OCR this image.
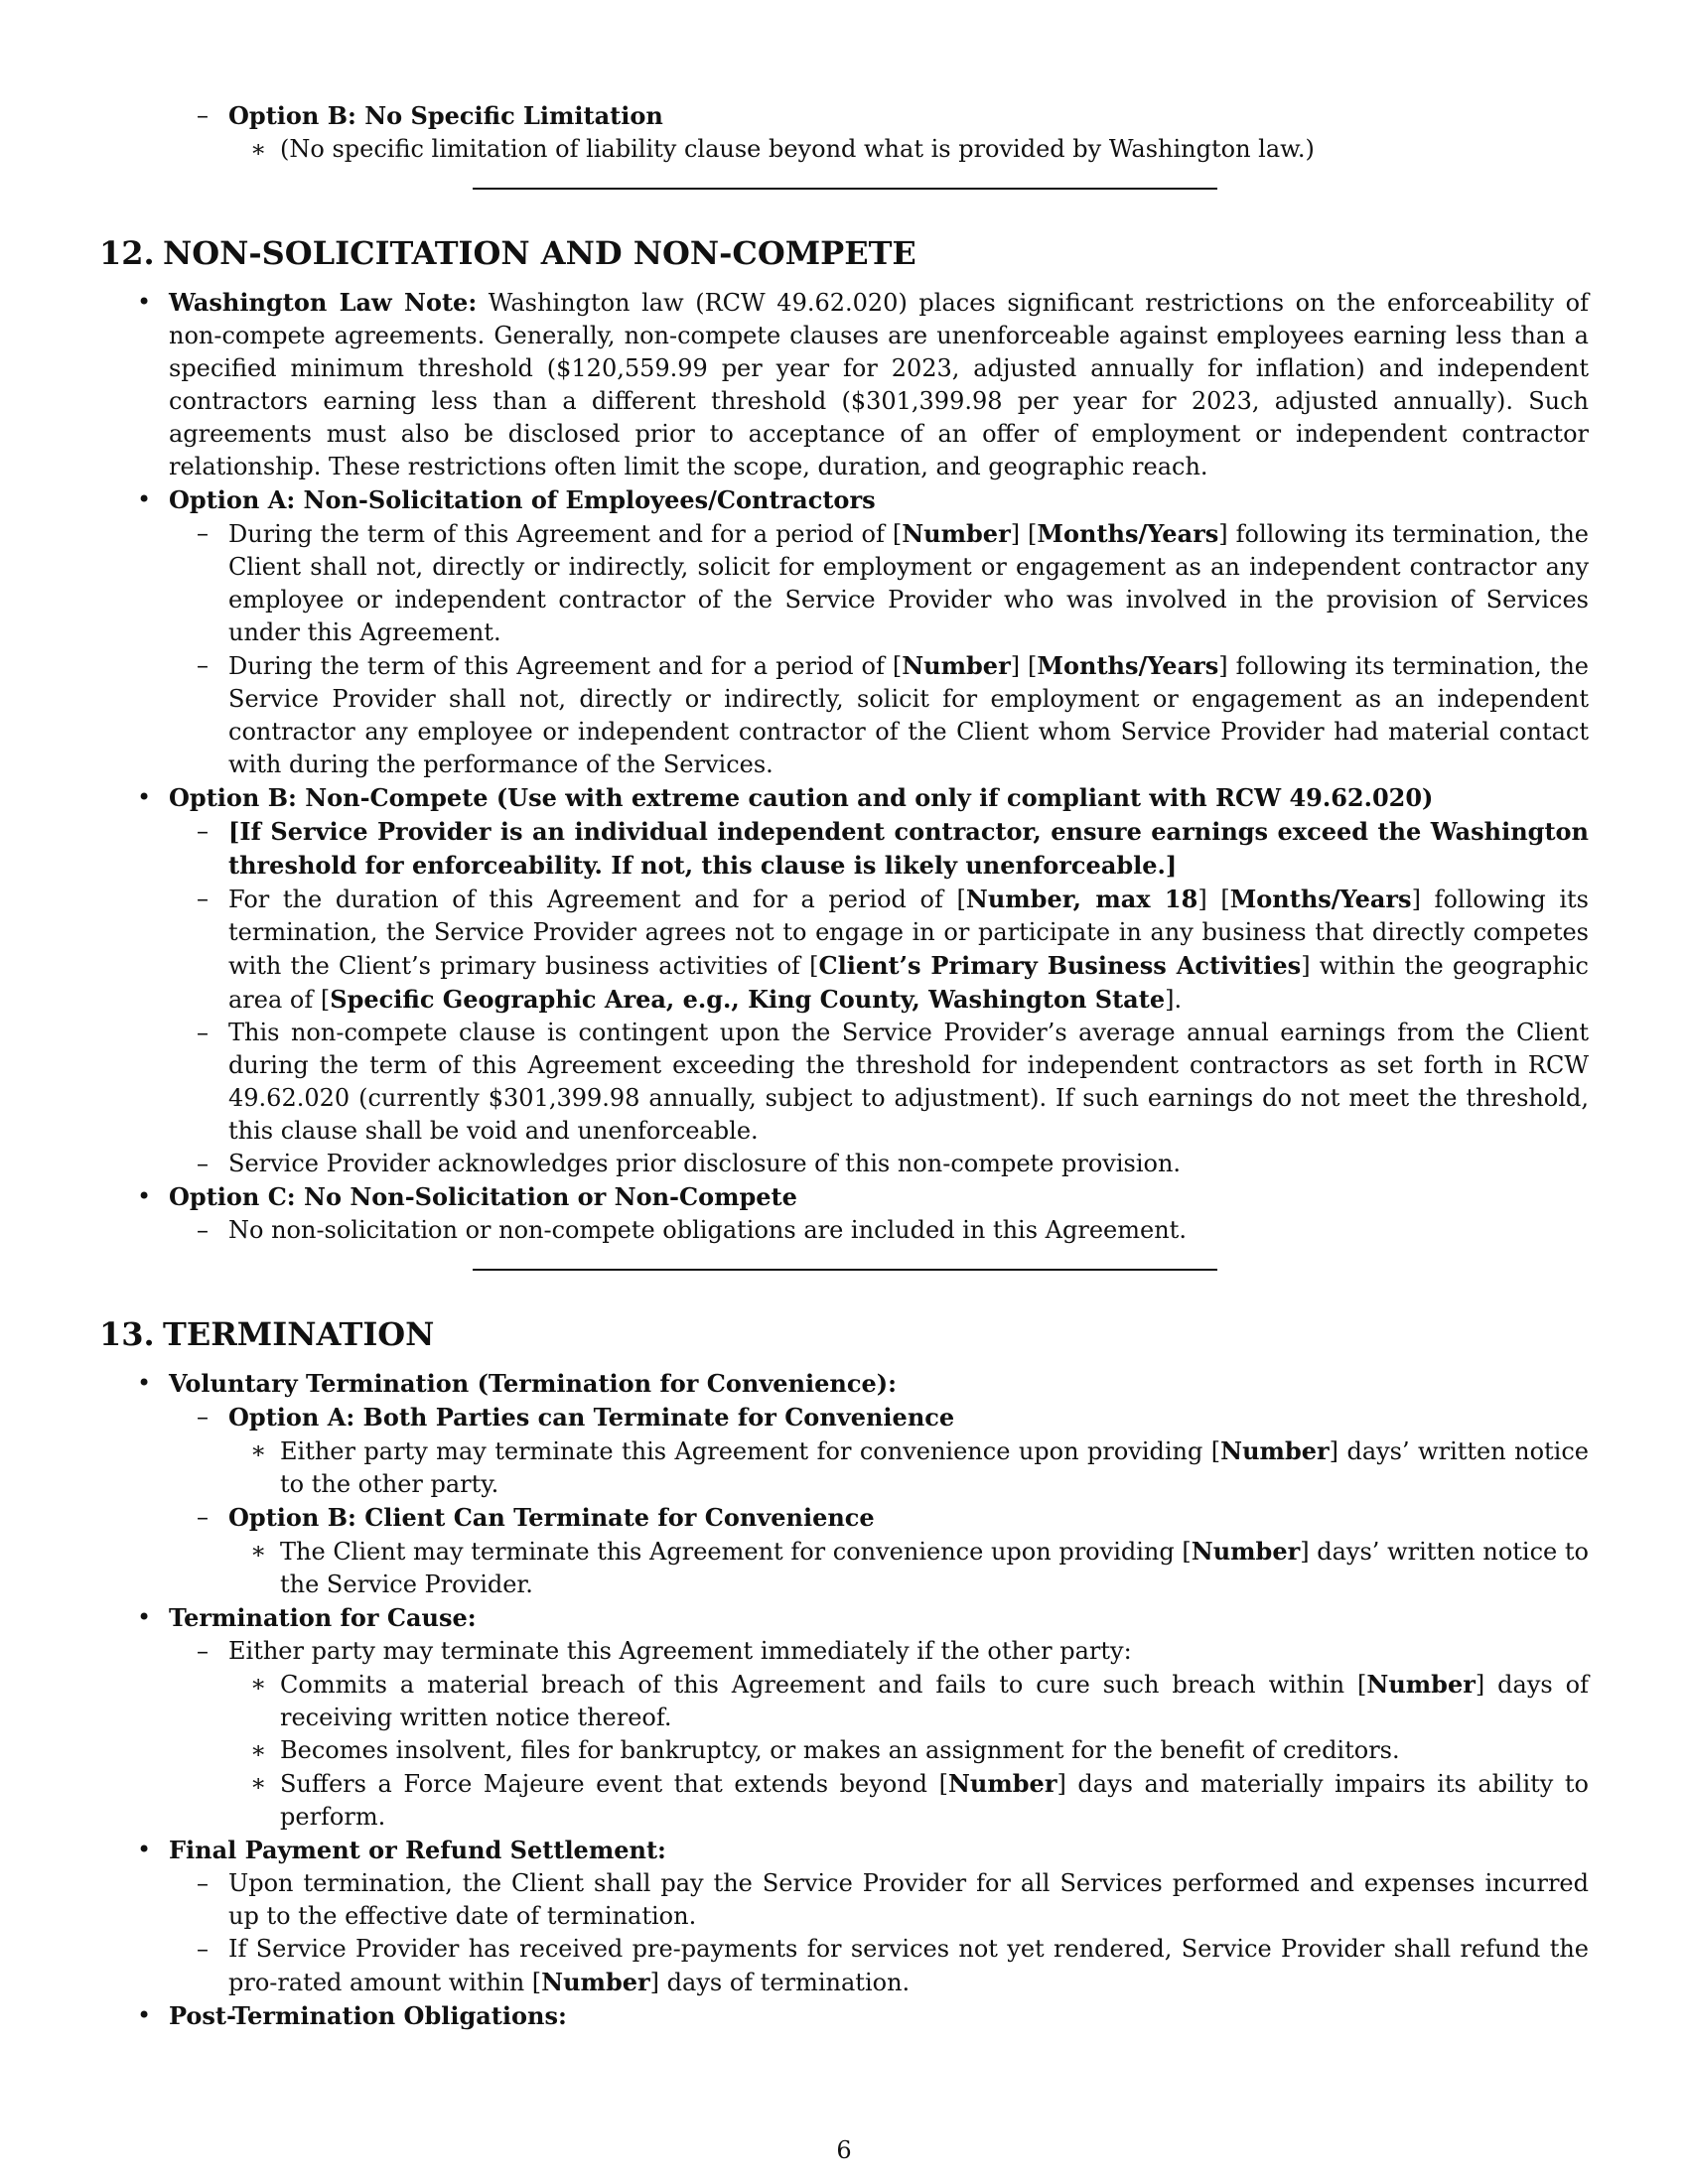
– Option B: No Specific Limitation
∗ (No specific limitation of liability clause beyond what is provided by Washington law.)
12. NON-SOLICITATION AND NON-COMPETE
• Washington Law Note: Washington law (RCW 49.62.020) places significant restrictions on the enforceability of non-compete agreements. Generally, non-compete clauses are unenforceable against employees earning less than a specified minimum threshold ($120,559.99 per year for 2023, adjusted annually for inflation) and independent contractors earning less than a different threshold ($301,399.98 per year for 2023, adjusted annually). Such agreements must also be disclosed prior to acceptance of an offer of employment or independent contractor relationship. These restrictions often limit the scope, duration, and geographic reach.
• Option A: Non-Solicitation of Employees/Contractors
– During the term of this Agreement and for a period of [Number] [Months/Years] following its termination, the Client shall not, directly or indirectly, solicit for employment or engagement as an independent contractor any employee or independent contractor of the Service Provider who was involved in the provision of Services under this Agreement.
– During the term of this Agreement and for a period of [Number] [Months/Years] following its termination, the Service Provider shall not, directly or indirectly, solicit for employment or engagement as an independent contractor any employee or independent contractor of the Client whom Service Provider had material contact with during the performance of the Services.
• Option B: Non-Compete (Use with extreme caution and only if compliant with RCW 49.62.020)
– [If Service Provider is an individual independent contractor, ensure earnings exceed the Washington threshold for enforceability. If not, this clause is likely unenforceable.]
– For the duration of this Agreement and for a period of [Number, max 18] [Months/Years] following its termination, the Service Provider agrees not to engage in or participate in any business that directly competes with the Client’s primary business activities of [Client’s Primary Business Activities] within the geographic area of [Specific Geographic Area, e.g., King County, Washington State].
– This non-compete clause is contingent upon the Service Provider’s average annual earnings from the Client during the term of this Agreement exceeding the threshold for independent contractors as set forth in RCW 49.62.020 (currently $301,399.98 annually, subject to adjustment). If such earnings do not meet the threshold, this clause shall be void and unenforceable.
– Service Provider acknowledges prior disclosure of this non-compete provision.
• Option C: No Non-Solicitation or Non-Compete
– No non-solicitation or non-compete obligations are included in this Agreement.
13. TERMINATION
• Voluntary Termination (Termination for Convenience):
– Option A: Both Parties can Terminate for Convenience
∗ Either party may terminate this Agreement for convenience upon providing [Number] days’ written notice to the other party.
– Option B: Client Can Terminate for Convenience
∗ The Client may terminate this Agreement for convenience upon providing [Number] days’ written notice to the Service Provider.
• Termination for Cause:
– Either party may terminate this Agreement immediately if the other party:
∗ Commits a material breach of this Agreement and fails to cure such breach within [Number] days of receiving written notice thereof.
∗ Becomes insolvent, files for bankruptcy, or makes an assignment for the benefit of creditors.
∗ Suffers a Force Majeure event that extends beyond [Number] days and materially impairs its ability to perform.
• Final Payment or Refund Settlement:
– Upon termination, the Client shall pay the Service Provider for all Services performed and expenses incurred up to the effective date of termination.
– If Service Provider has received pre-payments for services not yet rendered, Service Provider shall refund the pro-rated amount within [Number] days of termination.
• Post-Termination Obligations:
6
